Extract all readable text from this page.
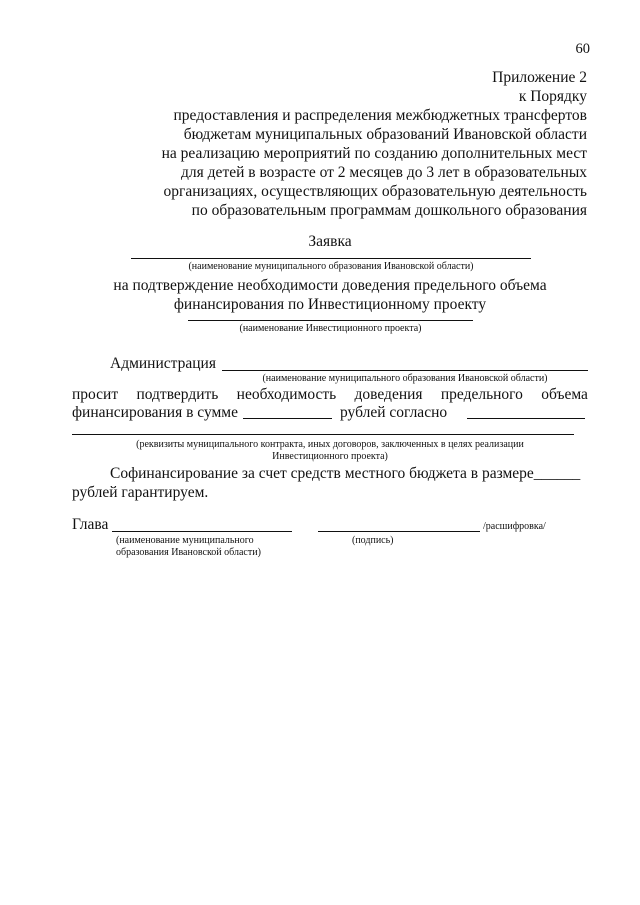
60
Приложение 2
к Порядку
предоставления и распределения межбюджетных трансфертов
бюджетам муниципальных образований Ивановской области
на реализацию мероприятий по созданию дополнительных мест
для детей в возрасте от 2 месяцев до 3 лет в образовательных
организациях, осуществляющих образовательную деятельность
по образовательным программам дошкольного образования
Заявка
(наименование муниципального образования Ивановской области)
на подтверждение необходимости доведения предельного объема
финансирования по Инвестиционному проекту
(наименование Инвестиционного проекта)
Администрация
(наименование муниципального образования Ивановской области)
просит подтвердить необходимость доведения предельного объема
финансирования в сумме	рублей согласно
(реквизиты муниципального контракта, иных договоров, заключенных в целях реализации
Инвестиционного проекта)
Софинансирование за счет средств местного бюджета в размере______
рублей гарантируем.
Глава
(наименование муниципального
образования Ивановской области)
(подпись)
/расшифровка/
